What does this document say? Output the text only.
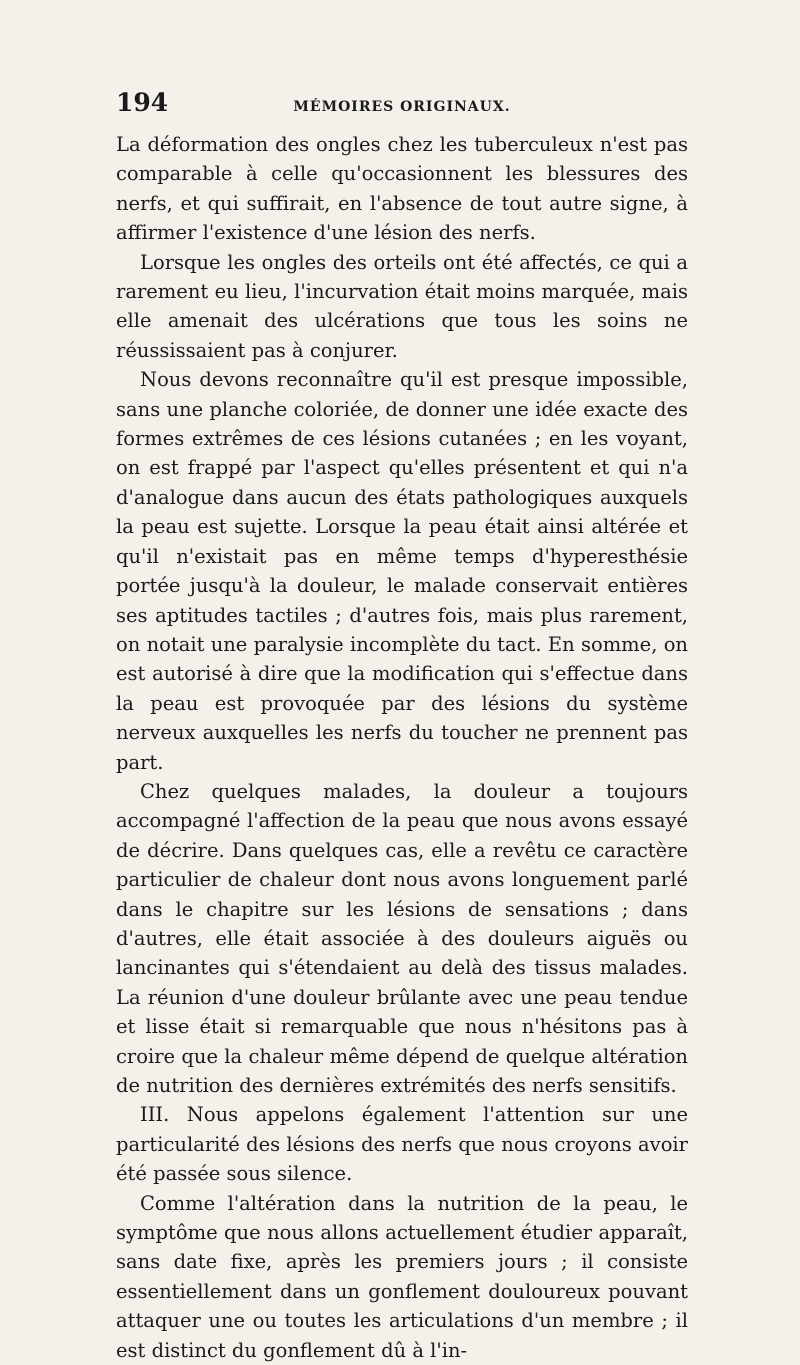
194	MÉMOIRES ORIGINAUX.

La déformation des ongles chez les tuberculeux n'est pas comparable à celle qu'occasionnent les blessures des nerfs, et qui suffirait, en l'absence de tout autre signe, à affirmer l'existence d'une lésion des nerfs.

Lorsque les ongles des orteils ont été affectés, ce qui a rarement eu lieu, l'incurvation était moins marquée, mais elle amenait des ulcérations que tous les soins ne réussissaient pas à conjurer.

Nous devons reconnaître qu'il est presque impossible, sans une planche coloriée, de donner une idée exacte des formes extrêmes de ces lésions cutanées ; en les voyant, on est frappé par l'aspect qu'elles présentent et qui n'a d'analogue dans aucun des états pathologiques auxquels la peau est sujette. Lorsque la peau était ainsi altérée et qu'il n'existait pas en même temps d'hyperesthésie portée jusqu'à la douleur, le malade conservait entières ses aptitudes tactiles ; d'autres fois, mais plus rarement, on notait une paralysie incomplète du tact. En somme, on est autorisé à dire que la modification qui s'effectue dans la peau est provoquée par des lésions du système nerveux auxquelles les nerfs du toucher ne prennent pas part.

Chez quelques malades, la douleur a toujours accompagné l'affection de la peau que nous avons essayé de décrire. Dans quelques cas, elle a revêtu ce caractère particulier de chaleur dont nous avons longuement parlé dans le chapitre sur les lésions de sensations ; dans d'autres, elle était associée à des douleurs aiguës ou lancinantes qui s'étendaient au delà des tissus malades. La réunion d'une douleur brûlante avec une peau tendue et lisse était si remarquable que nous n'hésitons pas à croire que la chaleur même dépend de quelque altération de nutrition des dernières extrémités des nerfs sensitifs.

III. Nous appelons également l'attention sur une particularité des lésions des nerfs que nous croyons avoir été passée sous silence.

Comme l'altération dans la nutrition de la peau, le symptôme que nous allons actuellement étudier apparaît, sans date fixe, après les premiers jours ; il consiste essentiellement dans un gonflement douloureux pouvant attaquer une ou toutes les articulations d'un membre ; il est distinct du gonflement dû à l'in-
